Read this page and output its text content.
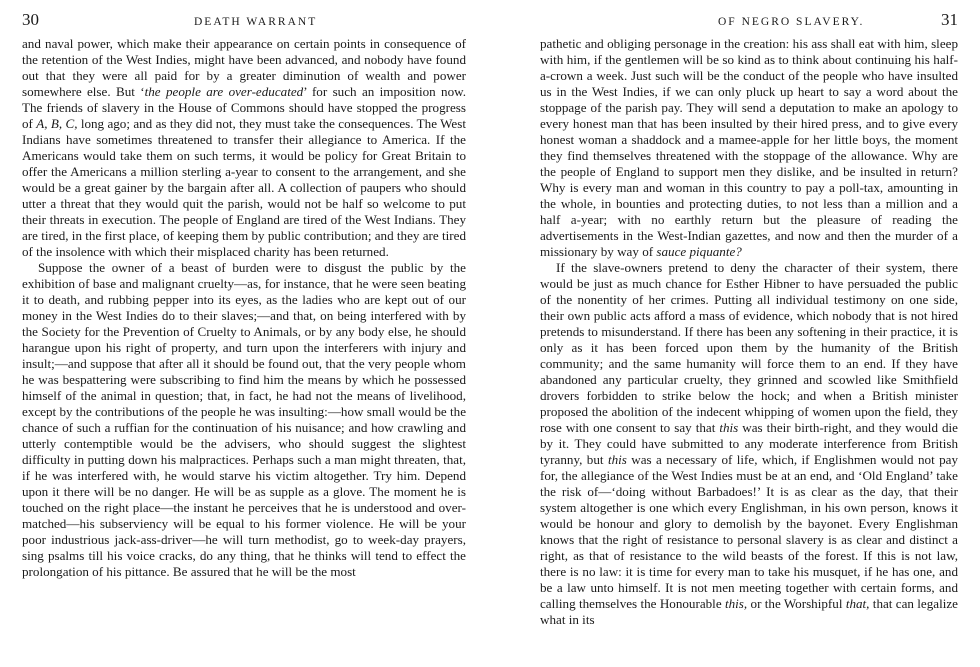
30	DEATH WARRANT

and naval power, which make their appearance on certain points in consequence of the retention of the West Indies, might have been advanced, and nobody have found out that they were all paid for by a greater diminution of wealth and power somewhere else. But ‘the people are over-educated’ for such an imposition now. The friends of slavery in the House of Commons should have stopped the progress of A, B, C, long ago; and as they did not, they must take the consequences. The West Indians have sometimes threatened to transfer their allegiance to America. If the Americans would take them on such terms, it would be policy for Great Britain to offer the Americans a million sterling a-year to consent to the arrangement, and she would be a great gainer by the bargain after all. A collection of paupers who should utter a threat that they would quit the parish, would not be half so welcome to put their threats in execution. The people of England are tired of the West Indians. They are tired, in the first place, of keeping them by public contribution; and they are tired of the insolence with which their misplaced charity has been returned.

Suppose the owner of a beast of burden were to disgust the public by the exhibition of base and malignant cruelty—as, for instance, that he were seen beating it to death, and rubbing pepper into its eyes, as the ladies who are kept out of our money in the West Indies do to their slaves;—and that, on being interfered with by the Society for the Prevention of Cruelty to Animals, or by any body else, he should harangue upon his right of property, and turn upon the interferers with injury and insult;—and suppose that after all it should be found out, that the very people whom he was bespattering were subscribing to find him the means by which he possessed himself of the animal in question; that, in fact, he had not the means of livelihood, except by the contributions of the people he was insulting:—how small would be the chance of such a ruffian for the continuation of his nuisance; and how crawling and utterly contemptible would be the advisers, who should suggest the slightest difficulty in putting down his malpractices. Perhaps such a man might threaten, that, if he was interfered with, he would starve his victim altogether. Try him. Depend upon it there will be no danger. He will be as supple as a glove. The moment he is touched on the right place—the instant he perceives that he is understood and over-matched—his subserviency will be equal to his former violence. He will be your poor industrious jack-ass-driver—he will turn methodist, go to week-day prayers, sing psalms till his voice cracks, do any thing, that he thinks will tend to effect the prolongation of his pittance. Be assured that he will be the most

OF NEGRO SLAVERY.	31

pathetic and obliging personage in the creation: his ass shall eat with him, sleep with him, if the gentlemen will be so kind as to think about continuing his half-a-crown a week. Just such will be the conduct of the people who have insulted us in the West Indies, if we can only pluck up heart to say a word about the stoppage of the parish pay. They will send a deputation to make an apology to every honest man that has been insulted by their hired press, and to give every honest woman a shaddock and a mamee-apple for her little boys, the moment they find themselves threatened with the stoppage of the allowance. Why are the people of England to support men they dislike, and be insulted in return? Why is every man and woman in this country to pay a poll-tax, amounting in the whole, in bounties and protecting duties, to not less than a million and a half a-year; with no earthly return but the pleasure of reading the advertisements in the West-Indian gazettes, and now and then the murder of a missionary by way of sauce piquante?

If the slave-owners pretend to deny the character of their system, there would be just as much chance for Esther Hibner to have persuaded the public of the nonentity of her crimes. Putting all individual testimony on one side, their own public acts afford a mass of evidence, which nobody that is not hired pretends to misunderstand. If there has been any softening in their practice, it is only as it has been forced upon them by the humanity of the British community; and the same humanity will force them to an end. If they have abandoned any particular cruelty, they grinned and scowled like Smithfield drovers forbidden to strike below the hock; and when a British minister proposed the abolition of the indecent whipping of women upon the field, they rose with one consent to say that this was their birth-right, and they would die by it. They could have submitted to any moderate interference from British tyranny, but this was a necessary of life, which, if Englishmen would not pay for, the allegiance of the West Indies must be at an end, and ‘Old England’ take the risk of—‘doing without Barbadoes!’ It is as clear as the day, that their system altogether is one which every Englishman, in his own person, knows it would be honour and glory to demolish by the bayonet. Every Englishman knows that the right of resistance to personal slavery is as clear and distinct a right, as that of resistance to the wild beasts of the forest. If this is not law, there is no law: it is time for every man to take his musquet, if he has one, and be a law unto himself. It is not men meeting together with certain forms, and calling themselves the Honourable this, or the Worshipful that, that can legalize what in its
